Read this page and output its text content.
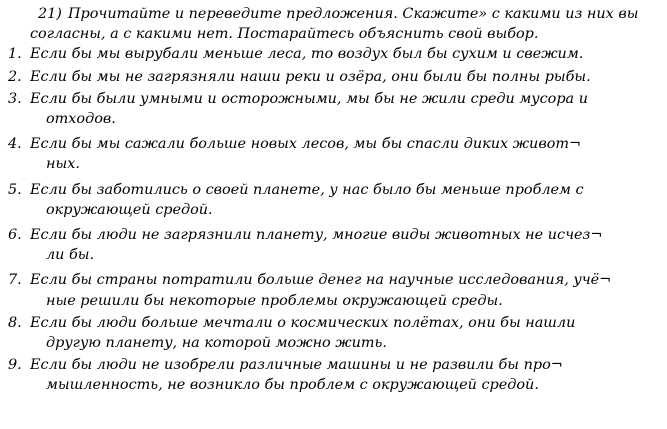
21) Прочитайте и переведите предложения. Скажите» с какими из них вы согласны, а с какими нет. Постарайтесь объяснить свой выбор.

1. Если бы мы вырубали меньше леса, то воздух был бы сухим и свежим.
2. Если бы мы не загрязняли наши реки и озёра, они были бы полны рыбы.
3. Если бы были умными и осторожными, мы бы не жили среди мусора и
отходов.
4. Если бы мы сажали больше новых лесов, мы бы спасли диких живот¬
ных.
5. Если бы заботились о своей планете, у нас было бы меньше проблем с
окружающей средой.
6. Если бы люди не загрязнили планету, многие виды животных не исчез¬
ли бы.
7. Если бы страны потратили больше денег на научные исследования, учё¬
ные решили бы некоторые проблемы окружающей среды.
8. Если бы люди больше мечтали о космических полётах, они бы нашли
другую планету, на которой можно жить.
9. Если бы люди не изобрели различные машины и не развили бы про¬
мышленность, не возникло бы проблем с окружающей средой.
